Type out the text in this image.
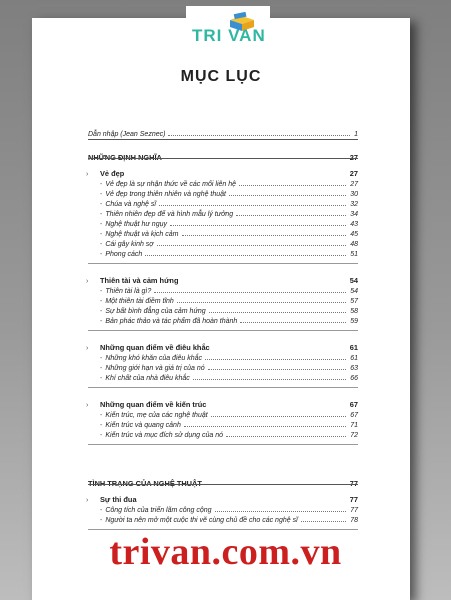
TRI VAN
MỤC LỤC
Dẫn nhập (Jean Seznec)	1
NHỮNG ĐỊNH NGHĨA	27
› Vẻ đẹp	27
- Vẻ đẹp là sự nhận thức về các mối liên hệ	27
- Vẻ đẹp trong thiên nhiên và nghệ thuật	30
- Chúa và nghệ sĩ	32
- Thiên nhiên đẹp để và hình mẫu lý tưởng	34
- Nghệ thuật hư ngụy	43
- Nghệ thuật và kịch cảm	45
- Cái gây kinh sợ	48
- Phong cách	51
› Thiên tài và cảm hứng	54
- Thiên tài là gì?	54
- Một thiên tài điềm tĩnh	57
- Sự bất bình đẳng của cảm hứng	58
- Bản phác thảo và tác phẩm đã hoàn thành	59
› Những quan điểm về điêu khắc	61
- Những khó khăn của điêu khắc	61
- Những giới hạn và giá trị của nó	63
- Khí chất của nhà điêu khắc	66
› Những quan điểm về kiến trúc	67
- Kiến trúc, mẹ của các nghệ thuật	67
- Kiến trúc và quang cảnh	71
- Kiến trúc và mục đích sử dụng của nó	72
TÌNH TRẠNG CỦA NGHỆ THUẬT	77
› Sự thi đua	77
- Công tích của triển lãm công cộng	77
- Người ta nên mở một cuộc thi vẽ cùng chủ đề cho các nghệ sĩ	78
trivan.com.vn
